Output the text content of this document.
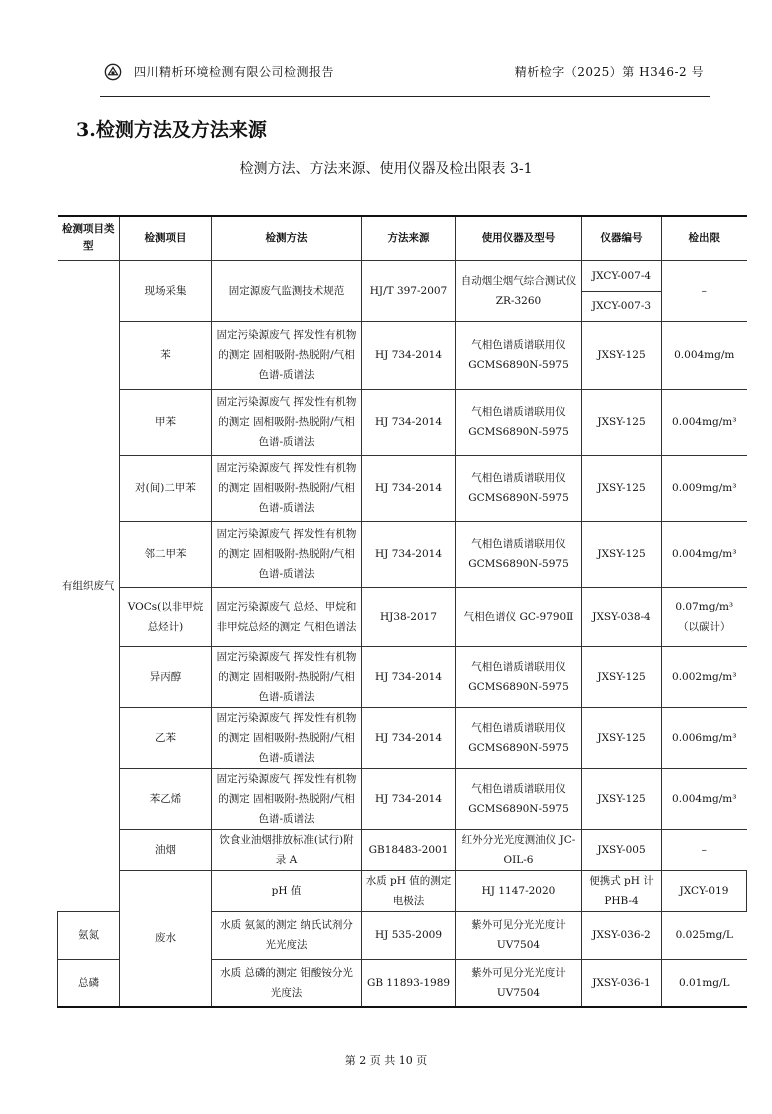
四川精析环境检测有限公司检测报告	精析检字（2025）第 H346-2 号
3.检测方法及方法来源
检测方法、方法来源、使用仪器及检出限表 3-1
检测项目类型	检测项目	检测方法	方法来源	使用仪器及型号	仪器编号	检出限	
有组织废气	现场采集	固定源废气监测技术规范	HJ/T 397-2007	自动烟尘烟气综合测试仪 ZR-3260	JXCY-007-4	–	
					JXCY-007-3		
	苯	固定污染源废气 挥发性有机物的测定 固相吸附-热脱附/气相色谱-质谱法	HJ 734-2014	气相色谱质谱联用仪 GCMS6890N-5975	JXSY-125	0.004mg/m	
	甲苯	固定污染源废气 挥发性有机物的测定 固相吸附-热脱附/气相色谱-质谱法	HJ 734-2014	气相色谱质谱联用仪 GCMS6890N-5975	JXSY-125	0.004mg/m³	
	对(间)二甲苯	固定污染源废气 挥发性有机物的测定 固相吸附-热脱附/气相色谱-质谱法	HJ 734-2014	气相色谱质谱联用仪 GCMS6890N-5975	JXSY-125	0.009mg/m³	
	邻二甲苯	固定污染源废气 挥发性有机物的测定 固相吸附-热脱附/气相色谱-质谱法	HJ 734-2014	气相色谱质谱联用仪 GCMS6890N-5975	JXSY-125	0.004mg/m³	
	VOCs(以非甲烷总烃计)	固定污染源废气 总烃、甲烷和非甲烷总烃的测定 气相色谱法	HJ38-2017	气相色谱仪 GC-9790Ⅱ	JXSY-038-4	0.07mg/m³（以碳计）	
	异丙醇	固定污染源废气 挥发性有机物的测定 固相吸附-热脱附/气相色谱-质谱法	HJ 734-2014	气相色谱质谱联用仪 GCMS6890N-5975	JXSY-125	0.002mg/m³	
	乙苯	固定污染源废气 挥发性有机物的测定 固相吸附-热脱附/气相色谱-质谱法	HJ 734-2014	气相色谱质谱联用仪 GCMS6890N-5975	JXSY-125	0.006mg/m³	
	苯乙烯	固定污染源废气 挥发性有机物的测定 固相吸附-热脱附/气相色谱-质谱法	HJ 734-2014	气相色谱质谱联用仪 GCMS6890N-5975	JXSY-125	0.004mg/m³	
	油烟	饮食业油烟排放标准(试行)附录 A	GB18483-2001	红外分光光度测油仪 JC-OIL-6	JXSY-005	–	
	废水	pH 值	水质 pH 值的测定 电极法	HJ 1147-2020	便携式 pH 计 PHB-4	JXCY-019	
氨氮		水质 氨氮的测定 纳氏试剂分光光度法	HJ 535-2009	紫外可见分光光度计 UV7504	JXSY-036-2	0.025mg/L	
总磷		水质 总磷的测定 钼酸铵分光光度法	GB 11893-1989	紫外可见分光光度计 UV7504	JXSY-036-1	0.01mg/L	
第 2 页 共 10 页
